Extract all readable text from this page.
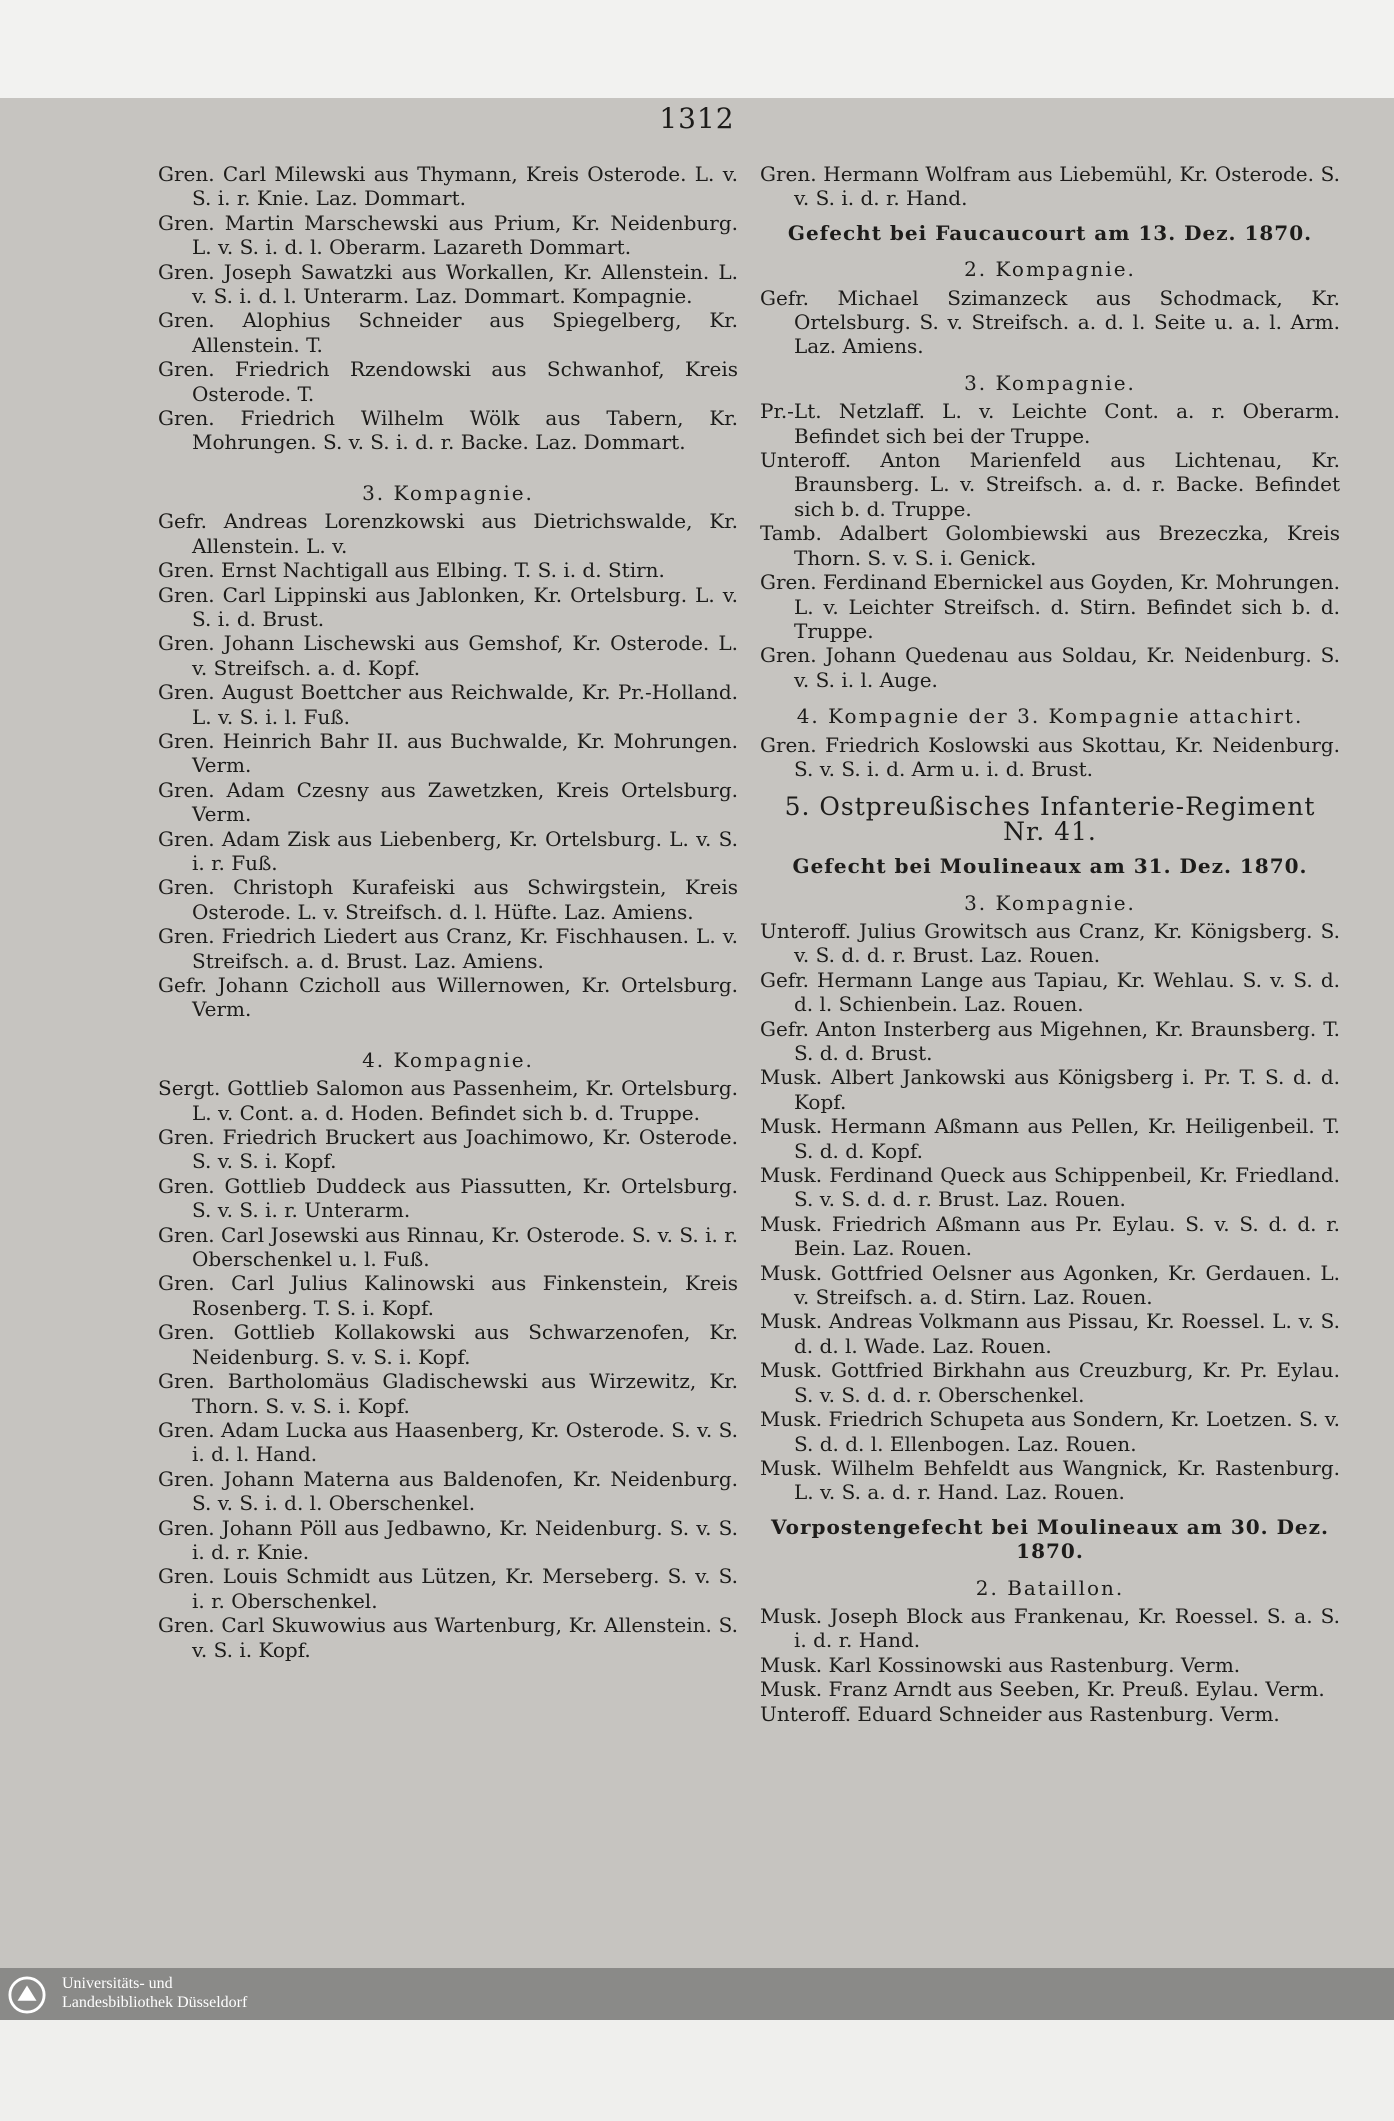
1312
Gren. Carl Milewski aus Thymann, Kreis Osterode. L. v. S. i. r. Knie. Laz. Dommart.
Gren. Martin Marschewski aus Prium, Kr. Neidenburg. L. v. S. i. d. l. Oberarm. Lazareth Dommart.
Gren. Joseph Sawatzki aus Workallen, Kr. Allenstein. L. v. S. i. d. l. Unterarm. Laz. Dommart. Kompagnie.
Gren. Alophius Schneider aus Spiegelberg, Kr. Allenstein. T.
Gren. Friedrich Rzendowski aus Schwanhof, Kreis Osterode. T.
Gren. Friedrich Wilhelm Wölk aus Tabern, Kr. Mohrungen. S. v. S. i. d. r. Backe. Laz. Dommart.
3. Kompagnie.
Gefr. Andreas Lorenzkowski aus Dietrichswalde, Kr. Allenstein. L. v.
Gren. Ernst Nachtigall aus Elbing. T. S. i. d. Stirn.
Gren. Carl Lippinski aus Jablonken, Kr. Ortelsburg. L. v. S. i. d. Brust.
Gren. Johann Lischewski aus Gemshof, Kr. Osterode. L. v. Streifsch. a. d. Kopf.
Gren. August Boettcher aus Reichwalde, Kr. Pr.-Holland. L. v. S. i. l. Fuß.
Gren. Heinrich Bahr II. aus Buchwalde, Kr. Mohrungen. Verm.
Gren. Adam Czesny aus Zawetzken, Kreis Ortelsburg. Verm.
Gren. Adam Zisk aus Liebenberg, Kr. Ortelsburg. L. v. S. i. r. Fuß.
Gren. Christoph Kurafeiski aus Schwirgstein, Kreis Osterode. L. v. Streifsch. d. l. Hüfte. Laz. Amiens.
Gren. Friedrich Liedert aus Cranz, Kr. Fischhausen. L. v. Streifsch. a. d. Brust. Laz. Amiens.
Gefr. Johann Czicholl aus Willernowen, Kr. Ortelsburg. Verm.
4. Kompagnie.
Sergt. Gottlieb Salomon aus Passenheim, Kr. Ortelsburg. L. v. Cont. a. d. Hoden. Befindet sich b. d. Truppe.
Gren. Friedrich Bruckert aus Joachimowo, Kr. Osterode. S. v. S. i. Kopf.
Gren. Gottlieb Duddeck aus Piassutten, Kr. Ortelsburg. S. v. S. i. r. Unterarm.
Gren. Carl Josewski aus Rinnau, Kr. Osterode. S. v. S. i. r. Oberschenkel u. l. Fuß.
Gren. Carl Julius Kalinowski aus Finkenstein, Kreis Rosenberg. T. S. i. Kopf.
Gren. Gottlieb Kollakowski aus Schwarzenofen, Kr. Neidenburg. S. v. S. i. Kopf.
Gren. Bartholomäus Gladischewski aus Wirzewitz, Kr. Thorn. S. v. S. i. Kopf.
Gren. Adam Lucka aus Haasenberg, Kr. Osterode. S. v. S. i. d. l. Hand.
Gren. Johann Materna aus Baldenofen, Kr. Neidenburg. S. v. S. i. d. l. Oberschenkel.
Gren. Johann Pöll aus Jedbawno, Kr. Neidenburg. S. v. S. i. d. r. Knie.
Gren. Louis Schmidt aus Lützen, Kr. Merseberg. S. v. S. i. r. Oberschenkel.
Gren. Carl Skuwowius aus Wartenburg, Kr. Allenstein. S. v. S. i. Kopf.
Gren. Hermann Wolfram aus Liebemühl, Kr. Osterode. S. v. S. i. d. r. Hand.
Gefecht bei Faucaucourt am 13. Dez. 1870.
2. Kompagnie.
Gefr. Michael Szimanzeck aus Schodmack, Kr. Ortelsburg. S. v. Streifsch. a. d. l. Seite u. a. l. Arm. Laz. Amiens.
3. Kompagnie.
Pr.-Lt. Netzlaff. L. v. Leichte Cont. a. r. Oberarm. Befindet sich bei der Truppe.
Unteroff. Anton Marienfeld aus Lichtenau, Kr. Braunsberg. L. v. Streifsch. a. d. r. Backe. Befindet sich b. d. Truppe.
Tamb. Adalbert Golombiewski aus Brezeczka, Kreis Thorn. S. v. S. i. Genick.
Gren. Ferdinand Ebernickel aus Goyden, Kr. Mohrungen. L. v. Leichter Streifsch. d. Stirn. Befindet sich b. d. Truppe.
Gren. Johann Quedenau aus Soldau, Kr. Neidenburg. S. v. S. i. l. Auge.
4. Kompagnie der 3. Kompagnie attachirt.
Gren. Friedrich Koslowski aus Skottau, Kr. Neidenburg. S. v. S. i. d. Arm u. i. d. Brust.
5. Ostpreußisches Infanterie-Regiment Nr. 41.
Gefecht bei Moulineaux am 31. Dez. 1870.
3. Kompagnie.
Unteroff. Julius Growitsch aus Cranz, Kr. Königsberg. S. v. S. d. d. r. Brust. Laz. Rouen.
Gefr. Hermann Lange aus Tapiau, Kr. Wehlau. S. v. S. d. d. l. Schienbein. Laz. Rouen.
Gefr. Anton Insterberg aus Migehnen, Kr. Braunsberg. T. S. d. d. Brust.
Musk. Albert Jankowski aus Königsberg i. Pr. T. S. d. d. Kopf.
Musk. Hermann Aßmann aus Pellen, Kr. Heiligenbeil. T. S. d. d. Kopf.
Musk. Ferdinand Queck aus Schippenbeil, Kr. Friedland. S. v. S. d. d. r. Brust. Laz. Rouen.
Musk. Friedrich Aßmann aus Pr. Eylau. S. v. S. d. d. r. Bein. Laz. Rouen.
Musk. Gottfried Oelsner aus Agonken, Kr. Gerdauen. L. v. Streifsch. a. d. Stirn. Laz. Rouen.
Musk. Andreas Volkmann aus Pissau, Kr. Roessel. L. v. S. d. d. l. Wade. Laz. Rouen.
Musk. Gottfried Birkhahn aus Creuzburg, Kr. Pr. Eylau. S. v. S. d. d. r. Oberschenkel.
Musk. Friedrich Schupeta aus Sondern, Kr. Loetzen. S. v. S. d. d. l. Ellenbogen. Laz. Rouen.
Musk. Wilhelm Behfeldt aus Wangnick, Kr. Rastenburg. L. v. S. a. d. r. Hand. Laz. Rouen.
Vorpostengefecht bei Moulineaux am 30. Dez. 1870.
2. Bataillon.
Musk. Joseph Block aus Frankenau, Kr. Roessel. S. a. S. i. d. r. Hand.
Musk. Karl Kossinowski aus Rastenburg. Verm.
Musk. Franz Arndt aus Seeben, Kr. Preuß. Eylau. Verm.
Unteroff. Eduard Schneider aus Rastenburg. Verm.
Universitäts- und
Landesbibliothek Düsseldorf
